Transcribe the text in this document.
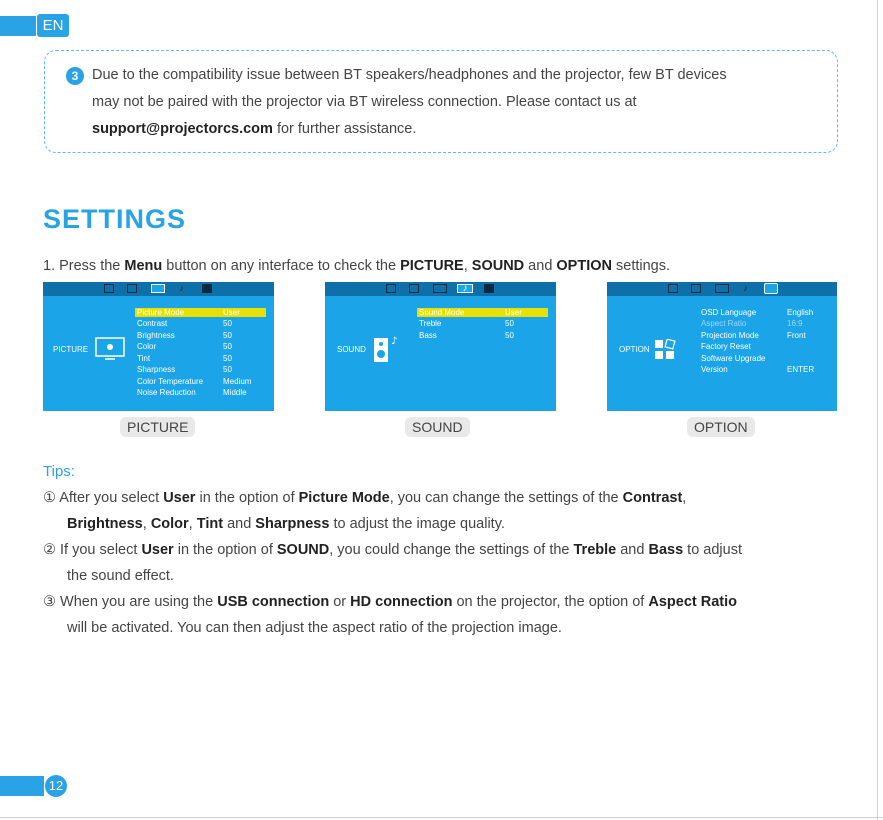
EN
3 Due to the compatibility issue between BT speakers/headphones and the projector, few BT devices
may not be paired with the projector via BT wireless connection. Please contact us at
support@projectorcs.com for further assistance.
SETTINGS
1. Press the Menu button on any interface to check the PICTURE, SOUND and OPTION settings.
♪
PICTURE
Picture Mode	User
Contrast	50
Brightness	50
Color	50
Tint	50
Sharpness	50
Color Temperature Medium
Noise Reduction	Middle
♪
SOUND
♪
Sound Mode	User
Treble	50
Bass	50
♪
OPTION
OSD Language	English
Aspect Ratio	16:9
Projection Mode	Front
Factory Reset
Software Upgrade
Version	ENTER
PICTURE	SOUND	OPTION
Tips:
① After you select User in the option of Picture Mode, you can change the settings of the Contrast,
Brightness, Color, Tint and Sharpness to adjust the image quality.
② If you select User in the option of SOUND, you could change the settings of the Treble and Bass to adjust
the sound effect.
③ When you are using the USB connection or HD connection on the projector, the option of Aspect Ratio
will be activated. You can then adjust the aspect ratio of the projection image.
12
